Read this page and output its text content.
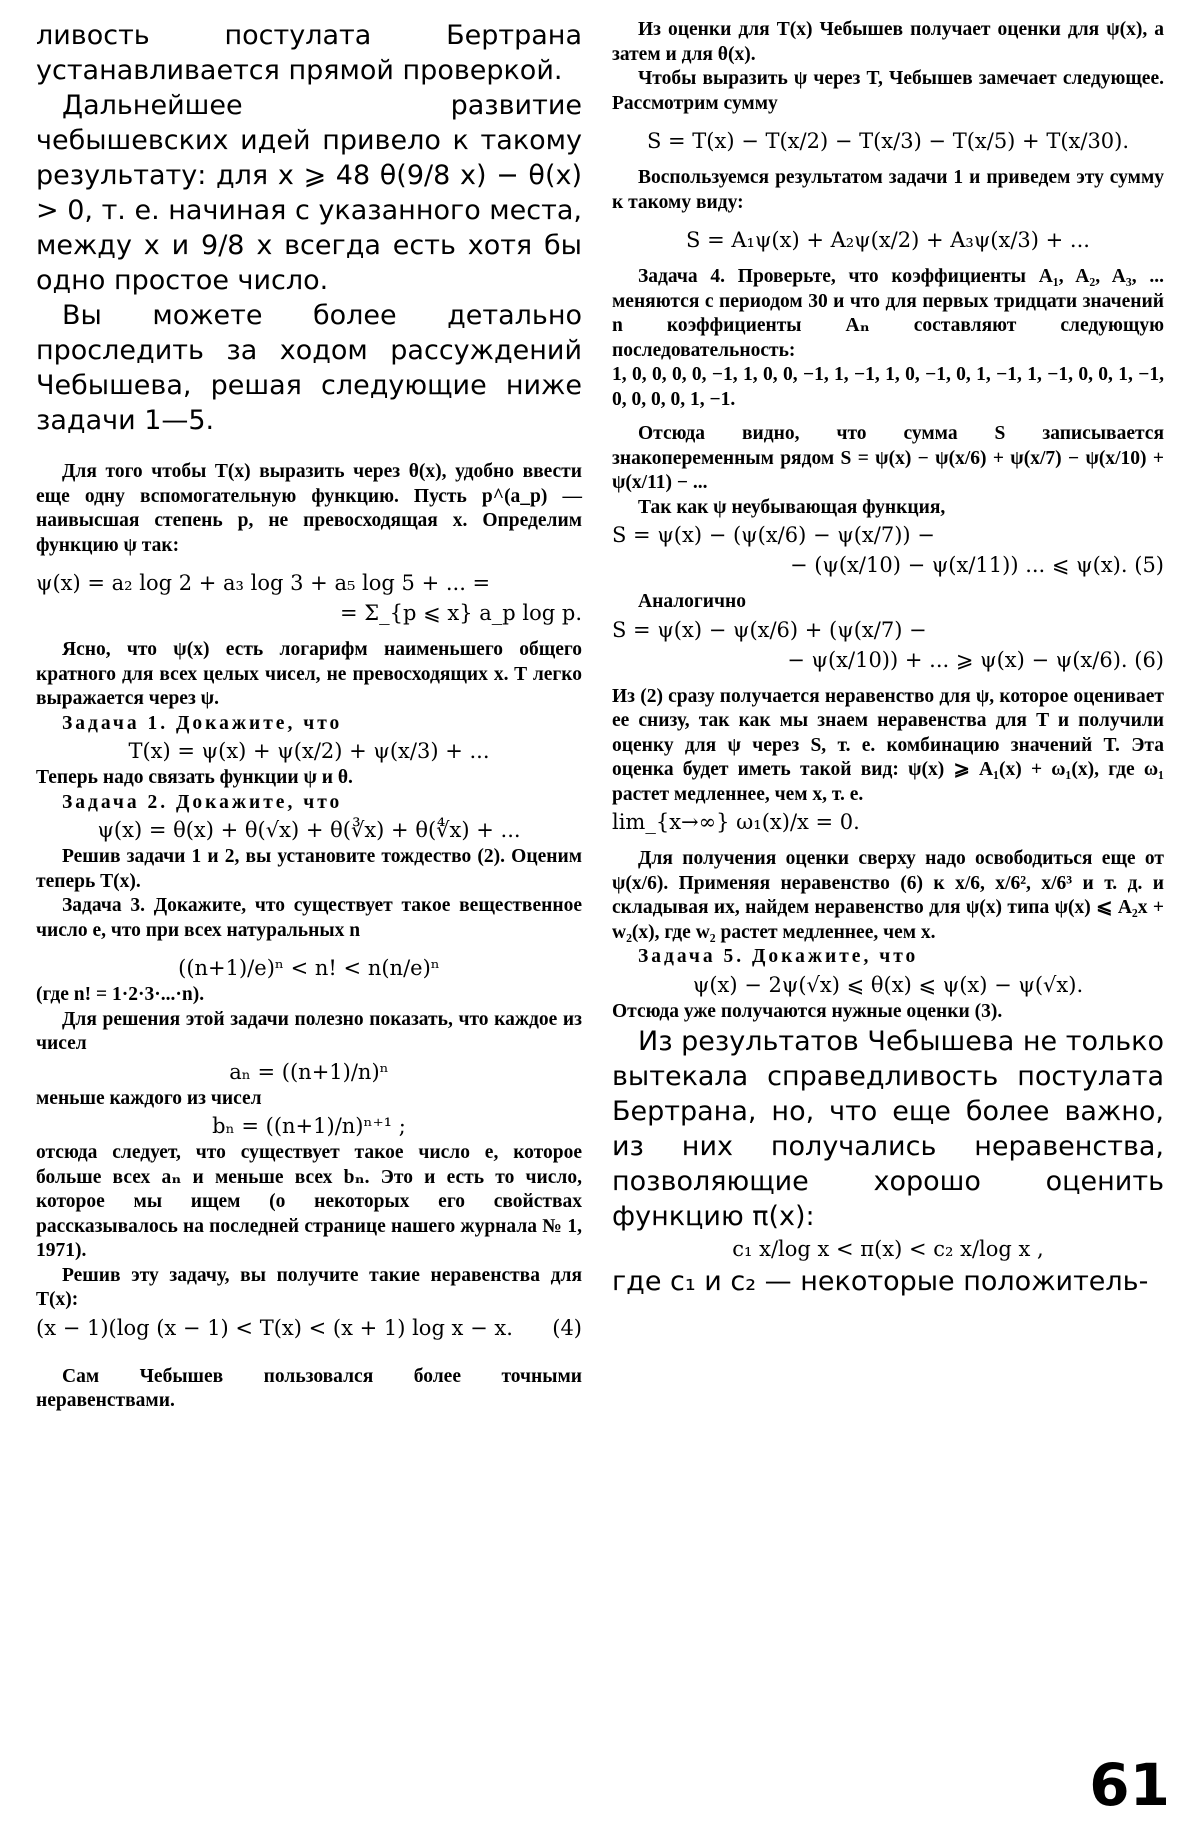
ливость постулата Бертрана устанавливается прямой проверкой.

Дальнейшее развитие чебышевских идей привело к такому результату: для x ⩾ 48 θ(9/8 x) − θ(x) > 0, т. е. начиная с указанного места, между x и 9/8 x всегда есть хотя бы одно простое число.

Вы можете более детально проследить за ходом рассуждений Чебышева, решая следующие ниже задачи 1—5.

Для того чтобы T(x) выразить через θ(x), удобно ввести еще одну вспомогательную функцию. Пусть p^(a_p) — наивысшая степень p, не превосходящая x. Определим функцию ψ так:

ψ(x) = a₂ log 2 + a₃ log 3 + a₅ log 5 + ... =

= Σ_{p ⩽ x} a_p log p.

Ясно, что ψ(x) есть логарифм наименьшего общего кратного для всех целых чисел, не превосходящих x. T легко выражается через ψ.

Задача 1. Докажите, что

T(x) = ψ(x) + ψ(x/2) + ψ(x/3) + ...

Теперь надо связать функции ψ и θ.

Задача 2. Докажите, что

ψ(x) = θ(x) + θ(√x) + θ(∛x) + θ(∜x) + ...

Решив задачи 1 и 2, вы установите тождество (2). Оценим теперь T(x).

Задача 3. Докажите, что существует такое вещественное число e, что при всех натуральных n

((n+1)/e)ⁿ < n! < n(n/e)ⁿ

(где n! = 1·2·3·...·n).

Для решения этой задачи полезно показать, что каждое из чисел

aₙ = ((n+1)/n)ⁿ

меньше каждого из чисел

bₙ = ((n+1)/n)ⁿ⁺¹ ;

отсюда следует, что существует такое число e, которое больше всех aₙ и меньше всех bₙ. Это и есть то число, которое мы ищем (о некоторых его свойствах рассказывалось на последней странице нашего журнала № 1, 1971).

Решив эту задачу, вы получите такие неравенства для T(x):

(x − 1)(log (x − 1) < T(x) < (x + 1) log x − x. (4)

Сам Чебышев пользовался более точными неравенствами.

Из оценки для T(x) Чебышев получает оценки для ψ(x), а затем и для θ(x).

Чтобы выразить ψ через T, Чебышев замечает следующее. Рассмотрим сумму

S = T(x) − T(x/2) − T(x/3) − T(x/5) + T(x/30).

Воспользуемся результатом задачи 1 и приведем эту сумму к такому виду:

S = A₁ψ(x) + A₂ψ(x/2) + A₃ψ(x/3) + ...

Задача 4. Проверьте, что коэффициенты A₁, A₂, A₃, ... меняются с периодом 30 и что для первых тридцати значений n коэффициенты Aₙ составляют следующую последовательность:

1, 0, 0, 0, 0, −1, 1, 0, 0, −1, 1, −1, 1, 0, −1, 0, 1, −1, 1, −1, 0, 0, 1, −1, 0, 0, 0, 0, 1, −1.

Отсюда видно, что сумма S записывается знакопеременным рядом S = ψ(x) − ψ(x/6) + ψ(x/7) − ψ(x/10) + ψ(x/11) − ...

Так как ψ неубывающая функция,

S = ψ(x) − (ψ(x/6) − ψ(x/7)) −

− (ψ(x/10) − ψ(x/11)) ... ⩽ ψ(x). (5)

Аналогично

S = ψ(x) − ψ(x/6) + (ψ(x/7) −

− ψ(x/10)) + ... ⩾ ψ(x) − ψ(x/6). (6)

Из (2) сразу получается неравенство для ψ, которое оценивает ее снизу, так как мы знаем неравенства для T и получили оценку для ψ через S, т. е. комбинацию значений T. Эта оценка будет иметь такой вид: ψ(x) ⩾ A₁(x) + ω₁(x), где ω₁ растет медленнее, чем x, т. е.

lim_{x→∞} ω₁(x)/x = 0.

Для получения оценки сверху надо освободиться еще от ψ(x/6). Применяя неравенство (6) к x/6, x/6², x/6³ и т. д. и складывая их, найдем неравенство для ψ(x) типа ψ(x) ⩽ A₂x + w₂(x), где w₂ растет медленнее, чем x.

Задача 5. Докажите, что

ψ(x) − 2ψ(√x) ⩽ θ(x) ⩽ ψ(x) − ψ(√x).

Отсюда уже получаются нужные оценки (3).

Из результатов Чебышева не только вытекала справедливость постулата Бертрана, но, что еще более важно, из них получались неравенства, позволяющие хорошо оценить функцию π(x):

c₁ x/log x < π(x) < c₂ x/log x ,

где c₁ и c₂ — некоторые положитель-

61
